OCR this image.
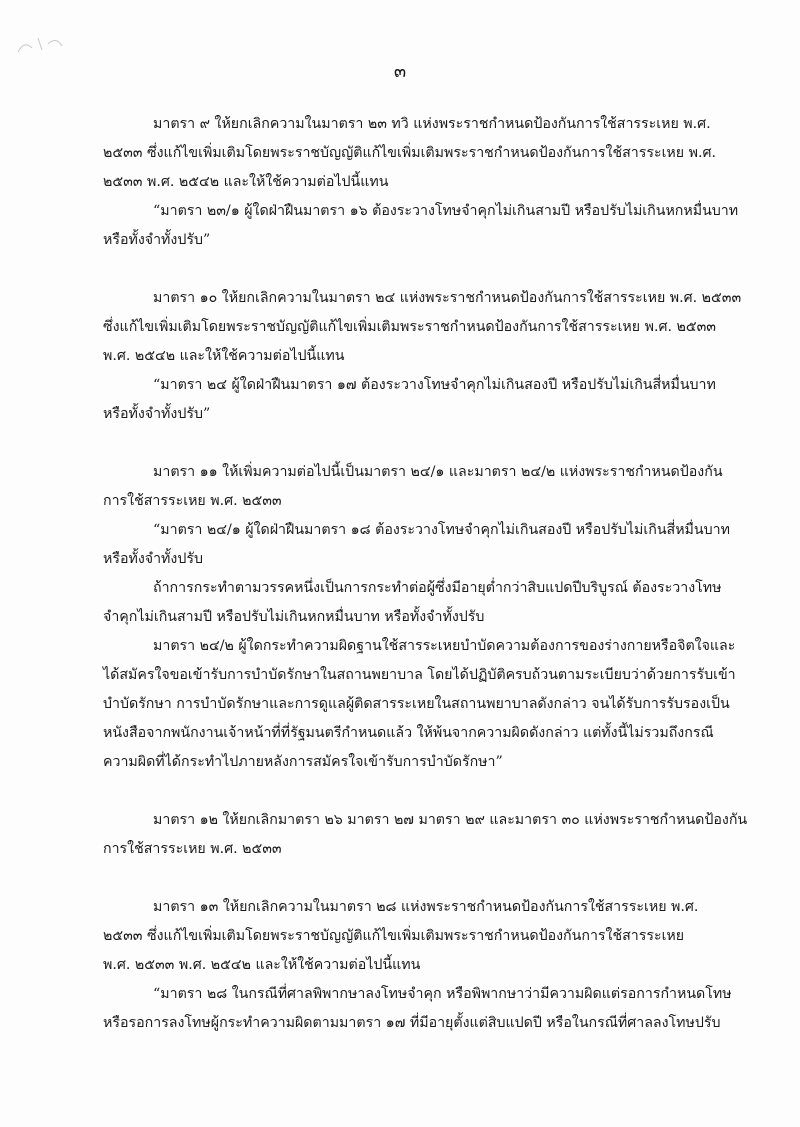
๓

มาตรา ๙ ให้ยกเลิกความในมาตรา ๒๓ ทวิ แห่งพระราชกำหนดป้องกันการใช้สารระเหย พ.ศ.

๒๕๓๓ ซึ่งแก้ไขเพิ่มเติมโดยพระราชบัญญัติแก้ไขเพิ่มเติมพระราชกำหนดป้องกันการใช้สารระเหย พ.ศ.

๒๕๓๓ พ.ศ. ๒๕๔๒ และให้ใช้ความต่อไปนี้แทน

“มาตรา ๒๓/๑ ผู้ใดฝ่าฝืนมาตรา ๑๖ ต้องระวางโทษจำคุกไม่เกินสามปี หรือปรับไม่เกินหกหมื่นบาท

หรือทั้งจำทั้งปรับ”

มาตรา ๑๐ ให้ยกเลิกความในมาตรา ๒๔ แห่งพระราชกำหนดป้องกันการใช้สารระเหย พ.ศ. ๒๕๓๓

ซึ่งแก้ไขเพิ่มเติมโดยพระราชบัญญัติแก้ไขเพิ่มเติมพระราชกำหนดป้องกันการใช้สารระเหย พ.ศ. ๒๕๓๓

พ.ศ. ๒๕๔๒ และให้ใช้ความต่อไปนี้แทน

“มาตรา ๒๔ ผู้ใดฝ่าฝืนมาตรา ๑๗ ต้องระวางโทษจำคุกไม่เกินสองปี หรือปรับไม่เกินสี่หมื่นบาท

หรือทั้งจำทั้งปรับ”

มาตรา ๑๑ ให้เพิ่มความต่อไปนี้เป็นมาตรา ๒๔/๑ และมาตรา ๒๔/๒ แห่งพระราชกำหนดป้องกัน

การใช้สารระเหย พ.ศ. ๒๕๓๓

“มาตรา ๒๔/๑ ผู้ใดฝ่าฝืนมาตรา ๑๘ ต้องระวางโทษจำคุกไม่เกินสองปี หรือปรับไม่เกินสี่หมื่นบาท

หรือทั้งจำทั้งปรับ

ถ้าการกระทำตามวรรคหนึ่งเป็นการกระทำต่อผู้ซึ่งมีอายุต่ำกว่าสิบแปดปีบริบูรณ์ ต้องระวางโทษ

จำคุกไม่เกินสามปี หรือปรับไม่เกินหกหมื่นบาท หรือทั้งจำทั้งปรับ

มาตรา ๒๔/๒ ผู้ใดกระทำความผิดฐานใช้สารระเหยบำบัดความต้องการของร่างกายหรือจิตใจและ

ได้สมัครใจขอเข้ารับการบำบัดรักษาในสถานพยาบาล โดยได้ปฏิบัติครบถ้วนตามระเบียบว่าด้วยการรับเข้า

บำบัดรักษา การบำบัดรักษาและการดูแลผู้ติดสารระเหยในสถานพยาบาลดังกล่าว จนได้รับการรับรองเป็น

หนังสือจากพนักงานเจ้าหน้าที่ที่รัฐมนตรีกำหนดแล้ว ให้พ้นจากความผิดดังกล่าว แต่ทั้งนี้ไม่รวมถึงกรณี

ความผิดที่ได้กระทำไปภายหลังการสมัครใจเข้ารับการบำบัดรักษา”

มาตรา ๑๒ ให้ยกเลิกมาตรา ๒๖ มาตรา ๒๗ มาตรา ๒๙ และมาตรา ๓๐ แห่งพระราชกำหนดป้องกัน

การใช้สารระเหย พ.ศ. ๒๕๓๓

มาตรา ๑๓ ให้ยกเลิกความในมาตรา ๒๘ แห่งพระราชกำหนดป้องกันการใช้สารระเหย พ.ศ.

๒๕๓๓ ซึ่งแก้ไขเพิ่มเติมโดยพระราชบัญญัติแก้ไขเพิ่มเติมพระราชกำหนดป้องกันการใช้สารระเหย

พ.ศ. ๒๕๓๓ พ.ศ. ๒๕๔๒ และให้ใช้ความต่อไปนี้แทน

“มาตรา ๒๘ ในกรณีที่ศาลพิพากษาลงโทษจำคุก หรือพิพากษาว่ามีความผิดแต่รอการกำหนดโทษ

หรือรอการลงโทษผู้กระทำความผิดตามมาตรา ๑๗ ที่มีอายุตั้งแต่สิบแปดปี หรือในกรณีที่ศาลลงโทษปรับ
